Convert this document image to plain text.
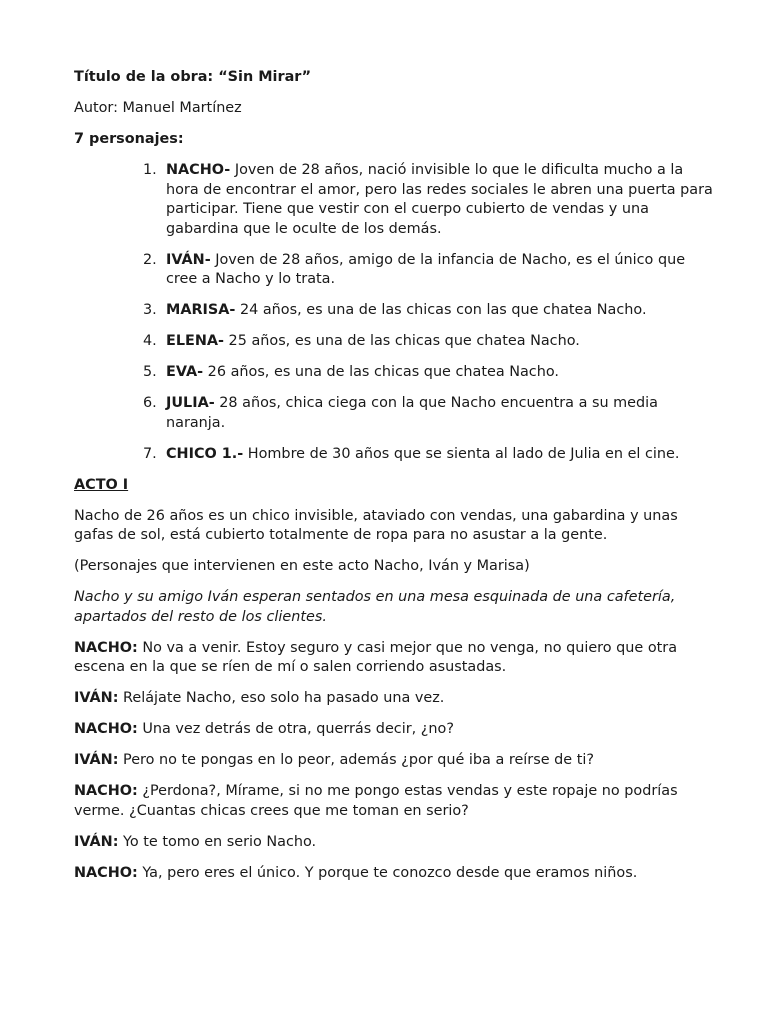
Título de la obra: “Sin Mirar”

Autor: Manuel Martínez

7 personajes:

1. NACHO- Joven de 28 años, nació invisible lo que le dificulta mucho a la hora de encontrar el amor, pero las redes sociales le abren una puerta para participar. Tiene que vestir con el cuerpo cubierto de vendas y una gabardina que le oculte de los demás.
2. IVÁN- Joven de 28 años, amigo de la infancia de Nacho, es el único que cree a Nacho y lo trata.
3. MARISA- 24 años, es una de las chicas con las que chatea Nacho.
4. ELENA- 25 años, es una de las chicas que chatea Nacho.
5. EVA- 26 años, es una de las chicas que chatea Nacho.
6. JULIA- 28 años, chica ciega con la que Nacho encuentra a su media naranja.
7. CHICO 1.- Hombre de 30 años que se sienta al lado de Julia en el cine.

ACTO I

Nacho de 26 años es un chico invisible, ataviado con vendas, una gabardina y unas gafas de sol, está cubierto totalmente de ropa para no asustar a la gente.

(Personajes que intervienen en este acto Nacho, Iván y Marisa)

Nacho y su amigo Iván esperan sentados en una mesa esquinada de una cafetería, apartados del resto de los clientes.

NACHO: No va a venir. Estoy seguro y casi mejor que no venga, no quiero que otra escena en la que se ríen de mí o salen corriendo asustadas.

IVÁN: Relájate Nacho, eso solo ha pasado una vez.

NACHO: Una vez detrás de otra, querrás decir, ¿no?

IVÁN: Pero no te pongas en lo peor, además ¿por qué iba a reírse de ti?

NACHO: ¿Perdona?, Mírame, si no me pongo estas vendas y este ropaje no podrías verme. ¿Cuantas chicas crees que me toman en serio?

IVÁN: Yo te tomo en serio Nacho.

NACHO: Ya, pero eres el único. Y porque te conozco desde que eramos niños.
